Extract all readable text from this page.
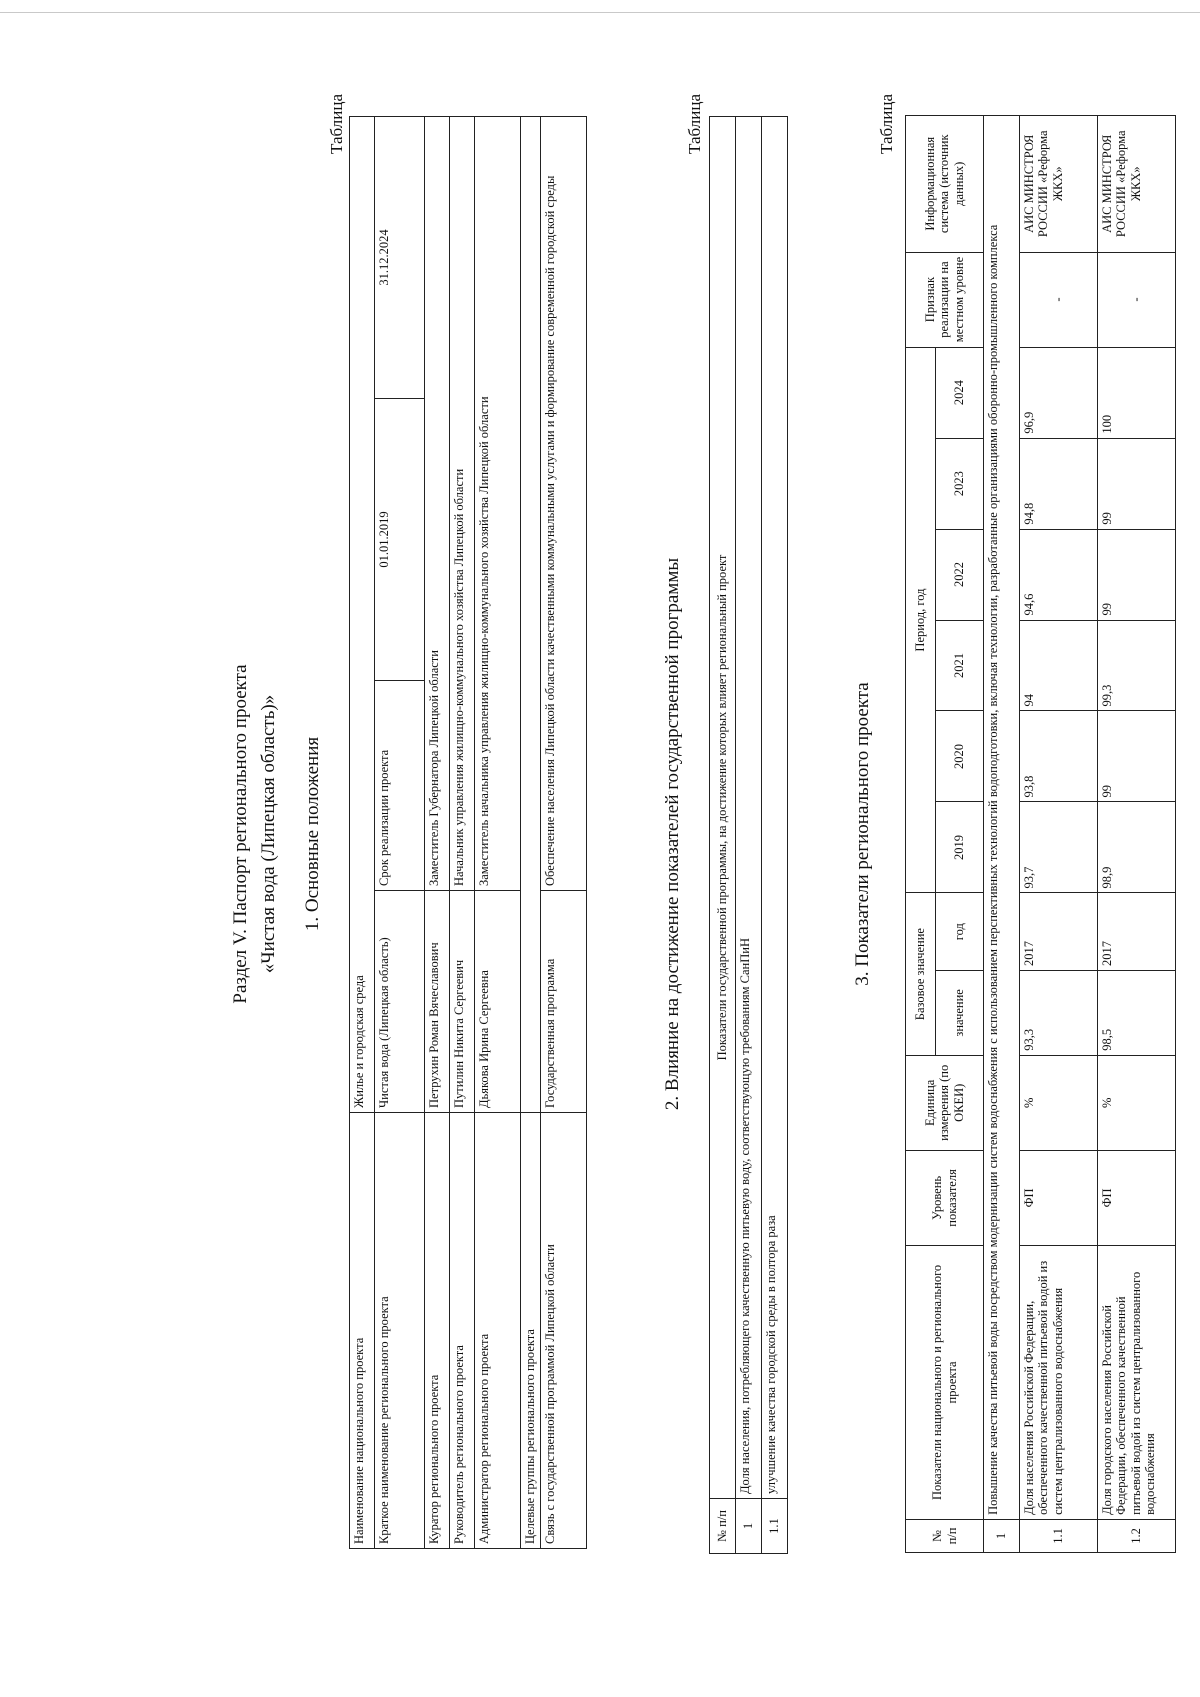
Раздел V. Паспорт регионального проекта «Чистая вода (Липецкая область)» 1. Основные положения
Таблица
Наименование национального проекта	Жилье и городская среда			
Краткое наименование регионального проекта	Чистая вода (Липецкая область)	Срок реализации проекта	01.01.2019	31.12.2024
Куратор регионального проекта	Петрухин Роман Вячеславович	Заместитель Губернатора Липецкой области		
Руководитель регионального проекта	Путилин Никита Сергеевич	Начальник управления жилищно-коммунального хозяйства Липецкой области		
Администратор регионального проекта	Дьякова Ирина Сергеевна	Заместитель начальника управления жилищно-коммунального хозяйства Липецкой области		
Целевые группы регионального проекта				
Связь с государственной программой Липецкой области	Государственная программа	Обеспечение населения Липецкой области качественными коммунальными услугами и формирование современной городской среды			2. Влияние на достижение показателей государственной программы
Таблица
№ п/п	Показатели государственной программы, на достижение которых влияет региональный проект
1	Доля населения, потребляющего качественную питьевую воду, соответствующую требованиям СанПиН
1.1	улучшение качества городской среды в полтора раза
3. Показатели регионального проекта
Таблица
№ п/п	Показатели национального и регионального проекта	Уровень показателя	Единица измерения (по ОКЕИ)	Базовое значение		Период, год						Признак реализации на местном уровне	Информационная система (источник данных)
				значение	год	2019	2020	2021	2022	2023	2024		
1	Повышение качества питьевой воды посредством модернизации систем водоснабжения с использованием перспективных технологий водоподготовки, включая технологии, разработанные организациями оборонно-промышленного комплекса												
1.1	Доля населения Российской Федерации, обеспеченного качественной питьевой водой из систем централизованного водоснабжения	ФП	%	93,3	2017	93,7	93,8	94	94,6	94,8	96,9	-	АИС МИНСТРОЯ РОССИИ «Реформа ЖКХ»
1.2	Доля городского населения Российской Федерации, обеспеченного качественной питьевой водой из систем централизованного водоснабжения	ФП	%	98,5	2017	98,9	99	99,3	99	99	100	-	АИС МИНСТРОЯ РОССИИ «Реформа ЖКХ»
